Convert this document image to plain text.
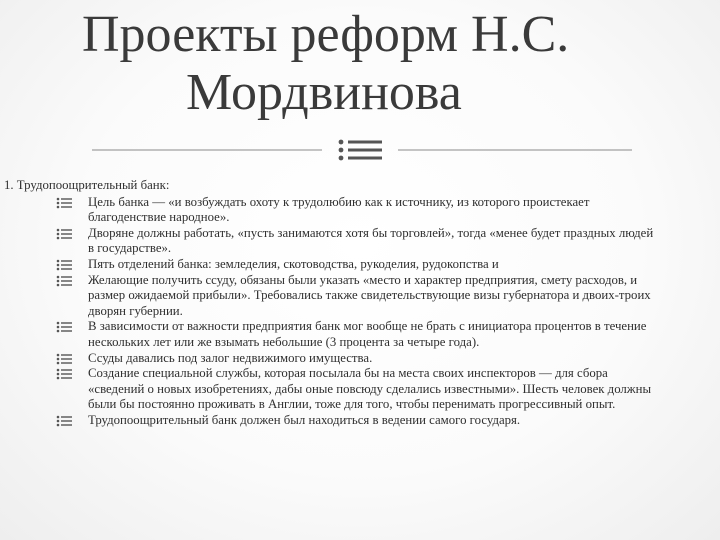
Проекты реформ Н.С.
Мордвинова

1. Трудопоощрительный банк:

Цель банка — «и возбуждать охоту к трудолюбию как к источнику, из которого проистекает благоденствие народное».
Дворяне должны работать, «пусть занимаются хотя бы торговлей», тогда «менее будет праздных людей в государстве».
Пять отделений банка: земледелия, скотоводства, рукоделия, рудокопства и
Желающие получить ссуду, обязаны были указать «место и характер предприятия, смету расходов, и размер ожидаемой прибыли». Требовались также свидетельствующие визы губернатора и двоих-троих дворян губернии.
В зависимости от важности предприятия банк мог вообще не брать с инициатора процентов в течение нескольких лет или же взымать небольшие (3 процента за четыре года).
Ссуды давались под залог недвижимого имущества.
Создание специальной службы, которая посылала бы на места своих инспекторов — для сбора «сведений о новых изобретениях, дабы оные повсюду сделались известными». Шесть человек должны были бы постоянно проживать в Англии, тоже для того, чтобы перенимать прогрессивный опыт.
Трудопоощрительный банк должен был находиться в ведении самого государя.
